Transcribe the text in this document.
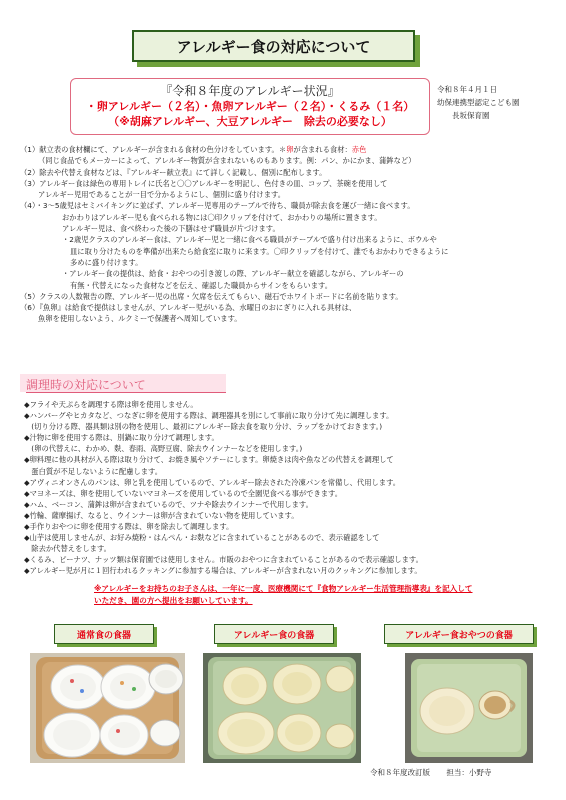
アレルギー食の対応について
『令和８年度のアレルギー状況』
・卵アレルギー（２名）・魚卵アレルギー（２名）・くるみ（１名）
（※胡麻アレルギー、大豆アレルギー　除去の必要なし）
令和８年４月１日
幼保連携型認定こども園
長坂保育園
（1）献立表の食材欄にて、アレルギーが含まれる食材の色分けをしています。＊卵が含まれる食材：赤色
（同じ食品でもメーカーによって、アレルギー物質が含まれないものもあります。例：パン、かにかま、蒲鉾など）
（2）除去や代替え食材などは、『アレルギー献立表』にて詳しく記載し、個別に配布します。
（3）アレルギー食は緑色の専用トレイに氏名と〇〇アレルギーを明記し、色付きの皿、コップ、茶碗を使用して
アレルギー児用であることが一目で分かるようにし、個別に盛り付けます。
（4）・3～5歳児はセミバイキングに並ばず、アレルギー児専用のテーブルで待ち、職員が除去食を運び一緒に食べます。
おかわりはアレルギー児も食べられる物には〇印クリップを付けて、おかわりの場所に置きます。
アレルギー児は、食べ終わった後の下膳はせず職員が片づけます。
・2歳児クラスのアレルギー食は、アレルギー児と一緒に食べる職員がテーブルで盛り付け出来るように、ボウルや
皿に取り分けたものを準備が出来たら給食室に取りに来ます。〇印クリップを付けて、誰でもおかわりできるように
多めに盛り付けます。
・アレルギー食の提供は、給食・おやつの引き渡しの際、アレルギー献立を確認しながら、アレルギーの
有無・代替えになった食材などを伝え、確認した職員からサインをもらいます。
（5）クラスの人数報告の際、アレルギー児の出席・欠席を伝えてもらい、磁石でホワイトボードに名前を貼ります。
（6）『魚卵』は給食で提供はしませんが、アレルギー児がいる為、水曜日のおにぎりに入れる具材は、
魚卵を使用しないよう、ルクミーで保護者へ周知しています。
調理時の対応について
◆フライや天ぷらを調理する際は卵を使用しません。
◆ハンバーグやヒカタなど、つなぎに卵を使用する際は、調理器具を別にして事前に取り分けて先に調理します。
　(切り分ける際、器具類は別の物を使用し、最初にアレルギー除去食を取り分け、ラップをかけておきます。)
◆汁物に卵を使用する際は、別鍋に取り分けて調理します。
　(卵の代替えに、わかめ、麩、春雨、高野豆腐、除去ウインナーなどを使用します。)
◆卵料理に他の具材が入る際は取り分けて、お焼き風やソテーにします。卵焼きは肉や魚などの代替えを調理して
　蛋白質が不足しないように配慮します。
◆アヴィニオンさんのパンは、卵と乳を使用しているので、アレルギー除去された冷凍パンを常備し、代用します。
◆マヨネーズは、卵を使用していないマヨネーズを使用しているので全園児食べる事ができます。
◆ハム、ベーコン、蒲鉾は卵が含まれているので、ツナや除去ウインナーで代用します。
◆竹輪、薩摩揚げ、なると、ウインナーは卵が含まれていない物を使用しています。
◆手作りおやつに卵を使用する際は、卵を除去して調理します。
◆山芋は使用しませんが、お好み焼粉・はんぺん・お麩などに含まれていることがあるので、表示確認をして
　除去か代替えをします。
◆くるみ、ピーナツ、ナッツ類は保育園では使用しません。市販のおやつに含まれていることがあるので表示確認します。
◆アレルギー児が月に１回行われるクッキングに参加する場合は、アレルギーが含まれない月のクッキングに参加します。
※アレルギーをお持ちのお子さんは、一年に一度、医療機関にて『食物アレルギー生活管理指導表』を記入して
いただき、園の方へ提出をお願いしています。
通常食の食器	アレルギー食の食器	アレルギー食おやつの食器
令和８年度改訂版 担当：小野寺
